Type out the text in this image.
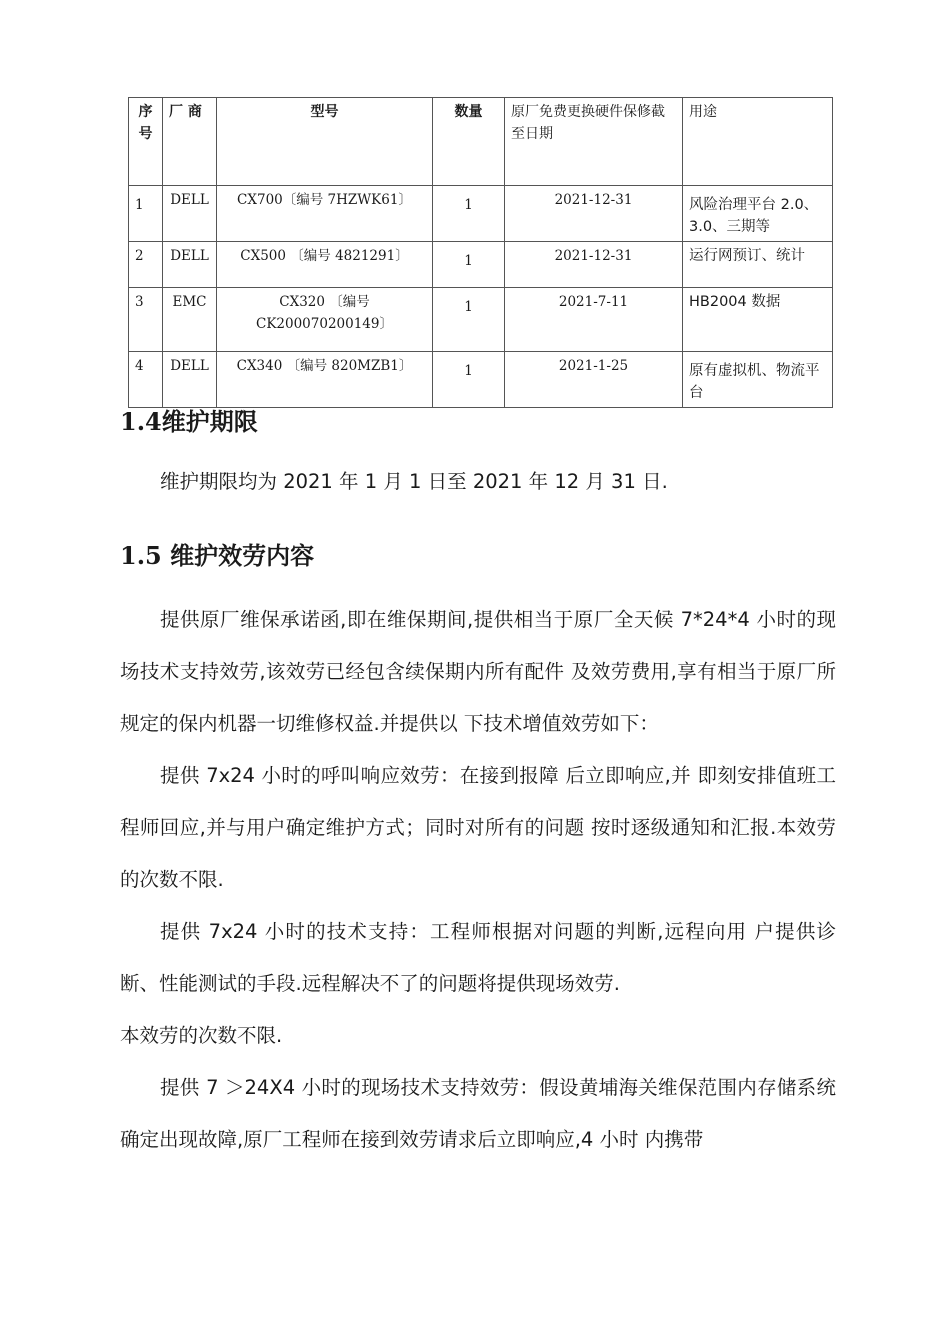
序
号	厂 商	型号	数量	原厂免费更换硬件保修截至日期	用途
1	DELL	CX700〔编号 7HZWK61〕	1	2021-12-31	风险治理平台 2.0、3.0、三期等
2	DELL	CX500 〔编号 4821291〕	1	2021-12-31	运行网预订、统计
3	EMC	CX320 〔编号 CK200070200149〕	1	2021-7-11	HB2004 数据
4	DELL	CX340 〔编号 820MZB1〕	1	2021-1-25	原有虚拟机、物流平台
1.4维护期限

维护期限均为 2021 年 1 月 1 日至 2021 年 12 月 31 日.

1.5 维护效劳内容

提供原厂维保承诺函,即在维保期间,提供相当于原厂全天候 7*24*4 小时的现场技术支持效劳,该效劳已经包含续保期内所有配件 及效劳费用,享有相当于原厂所规定的保内机器一切维修权益.并提供以 下技术增值效劳如下：

提供 7x24 小时的呼叫响应效劳：在接到报障 后立即响应,并 即刻安排值班工程师回应,并与用户确定维护方式；同时对所有的问题 按时逐级通知和汇报.本效劳的次数不限.

提供 7x24 小时的技术支持：工程师根据对问题的判断,远程向用 户提供诊断、性能测试的手段.远程解决不了的问题将提供现场效劳.

本效劳的次数不限.

提供 7 ＞24X4 小时的现场技术支持效劳：假设黄埔海关维保范围内存储系统确定出现故障,原厂工程师在接到效劳请求后立即响应,4 小时 内携带
